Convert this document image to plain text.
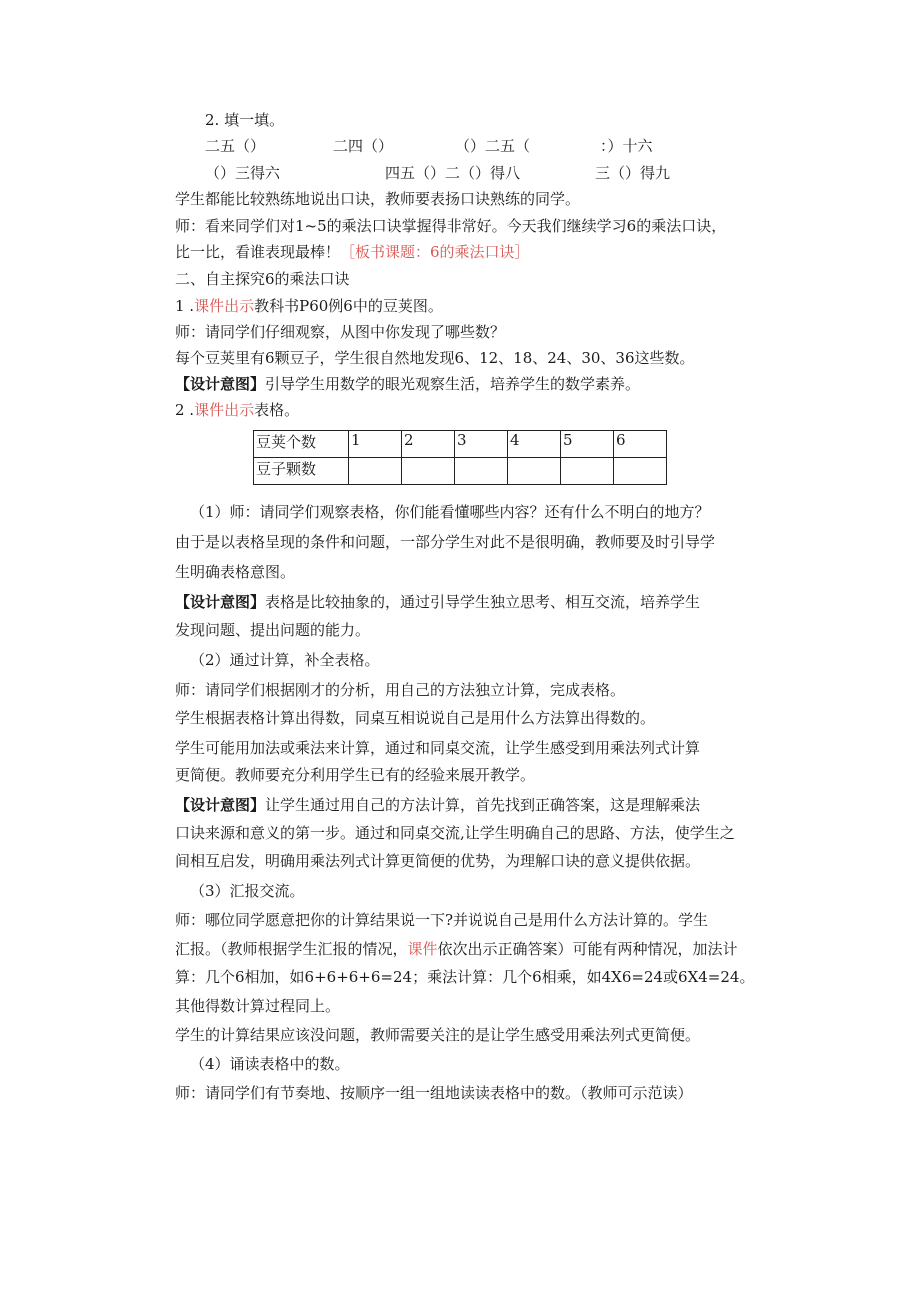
2. 填一填。
二五（）	二四（）	（）二五（	：）十六
（）三得六	四五（）二（）得八	三（）得九
学生都能比较熟练地说出口诀，教师要表扬口诀熟练的同学。
师：看来同学们对1~5的乘法口诀掌握得非常好。今天我们继续学习6的乘法口诀，
比一比，看谁表现最棒！［板书课题：6的乘法口诀］
二、自主探究6的乘法口诀
1 .课件出示教科书P60例6中的豆荚图。
师：请同学们仔细观察，从图中你发现了哪些数？
每个豆荚里有6颗豆子，学生很自然地发现6、12、18、24、30、36这些数。
【设计意图】引导学生用数学的眼光观察生活，培养学生的数学素养。
2 .课件出示表格。
豆荚个数	1	2	3	4	5	6
豆子颗数						
（1）师：请同学们观察表格，你们能看懂哪些内容？还有什么不明白的地方？
由于是以表格呈现的条件和问题，一部分学生对此不是很明确，教师要及时引导学
生明确表格意图。
【设计意图】表格是比较抽象的，通过引导学生独立思考、相互交流，培养学生
发现问题、提出问题的能力。
（2）通过计算，补全表格。
师：请同学们根据刚才的分析，用自己的方法独立计算，完成表格。
学生根据表格计算出得数，同桌互相说说自己是用什么方法算出得数的。
学生可能用加法或乘法来计算，通过和同桌交流，让学生感受到用乘法列式计算
更简便。教师要充分利用学生已有的经验来展开教学。
【设计意图】让学生通过用自己的方法计算，首先找到正确答案，这是理解乘法
口诀来源和意义的第一步。通过和同桌交流,让学生明确自己的思路、方法，使学生之
间相互启发，明确用乘法列式计算更简便的优势，为理解口诀的意义提供依据。
（3）汇报交流。
师：哪位同学愿意把你的计算结果说一下?并说说自己是用什么方法计算的。学生
汇报。（教师根据学生汇报的情况，课件依次出示正确答案）可能有两种情况，加法计
算：几个6相加，如6+6+6+6=24；乘法计算：几个6相乘，如4X6=24或6X4=24。
其他得数计算过程同上。
学生的计算结果应该没问题，教师需要关注的是让学生感受用乘法列式更简便。
（4）诵读表格中的数。
师：请同学们有节奏地、按顺序一组一组地读读表格中的数。（教师可示范读）
